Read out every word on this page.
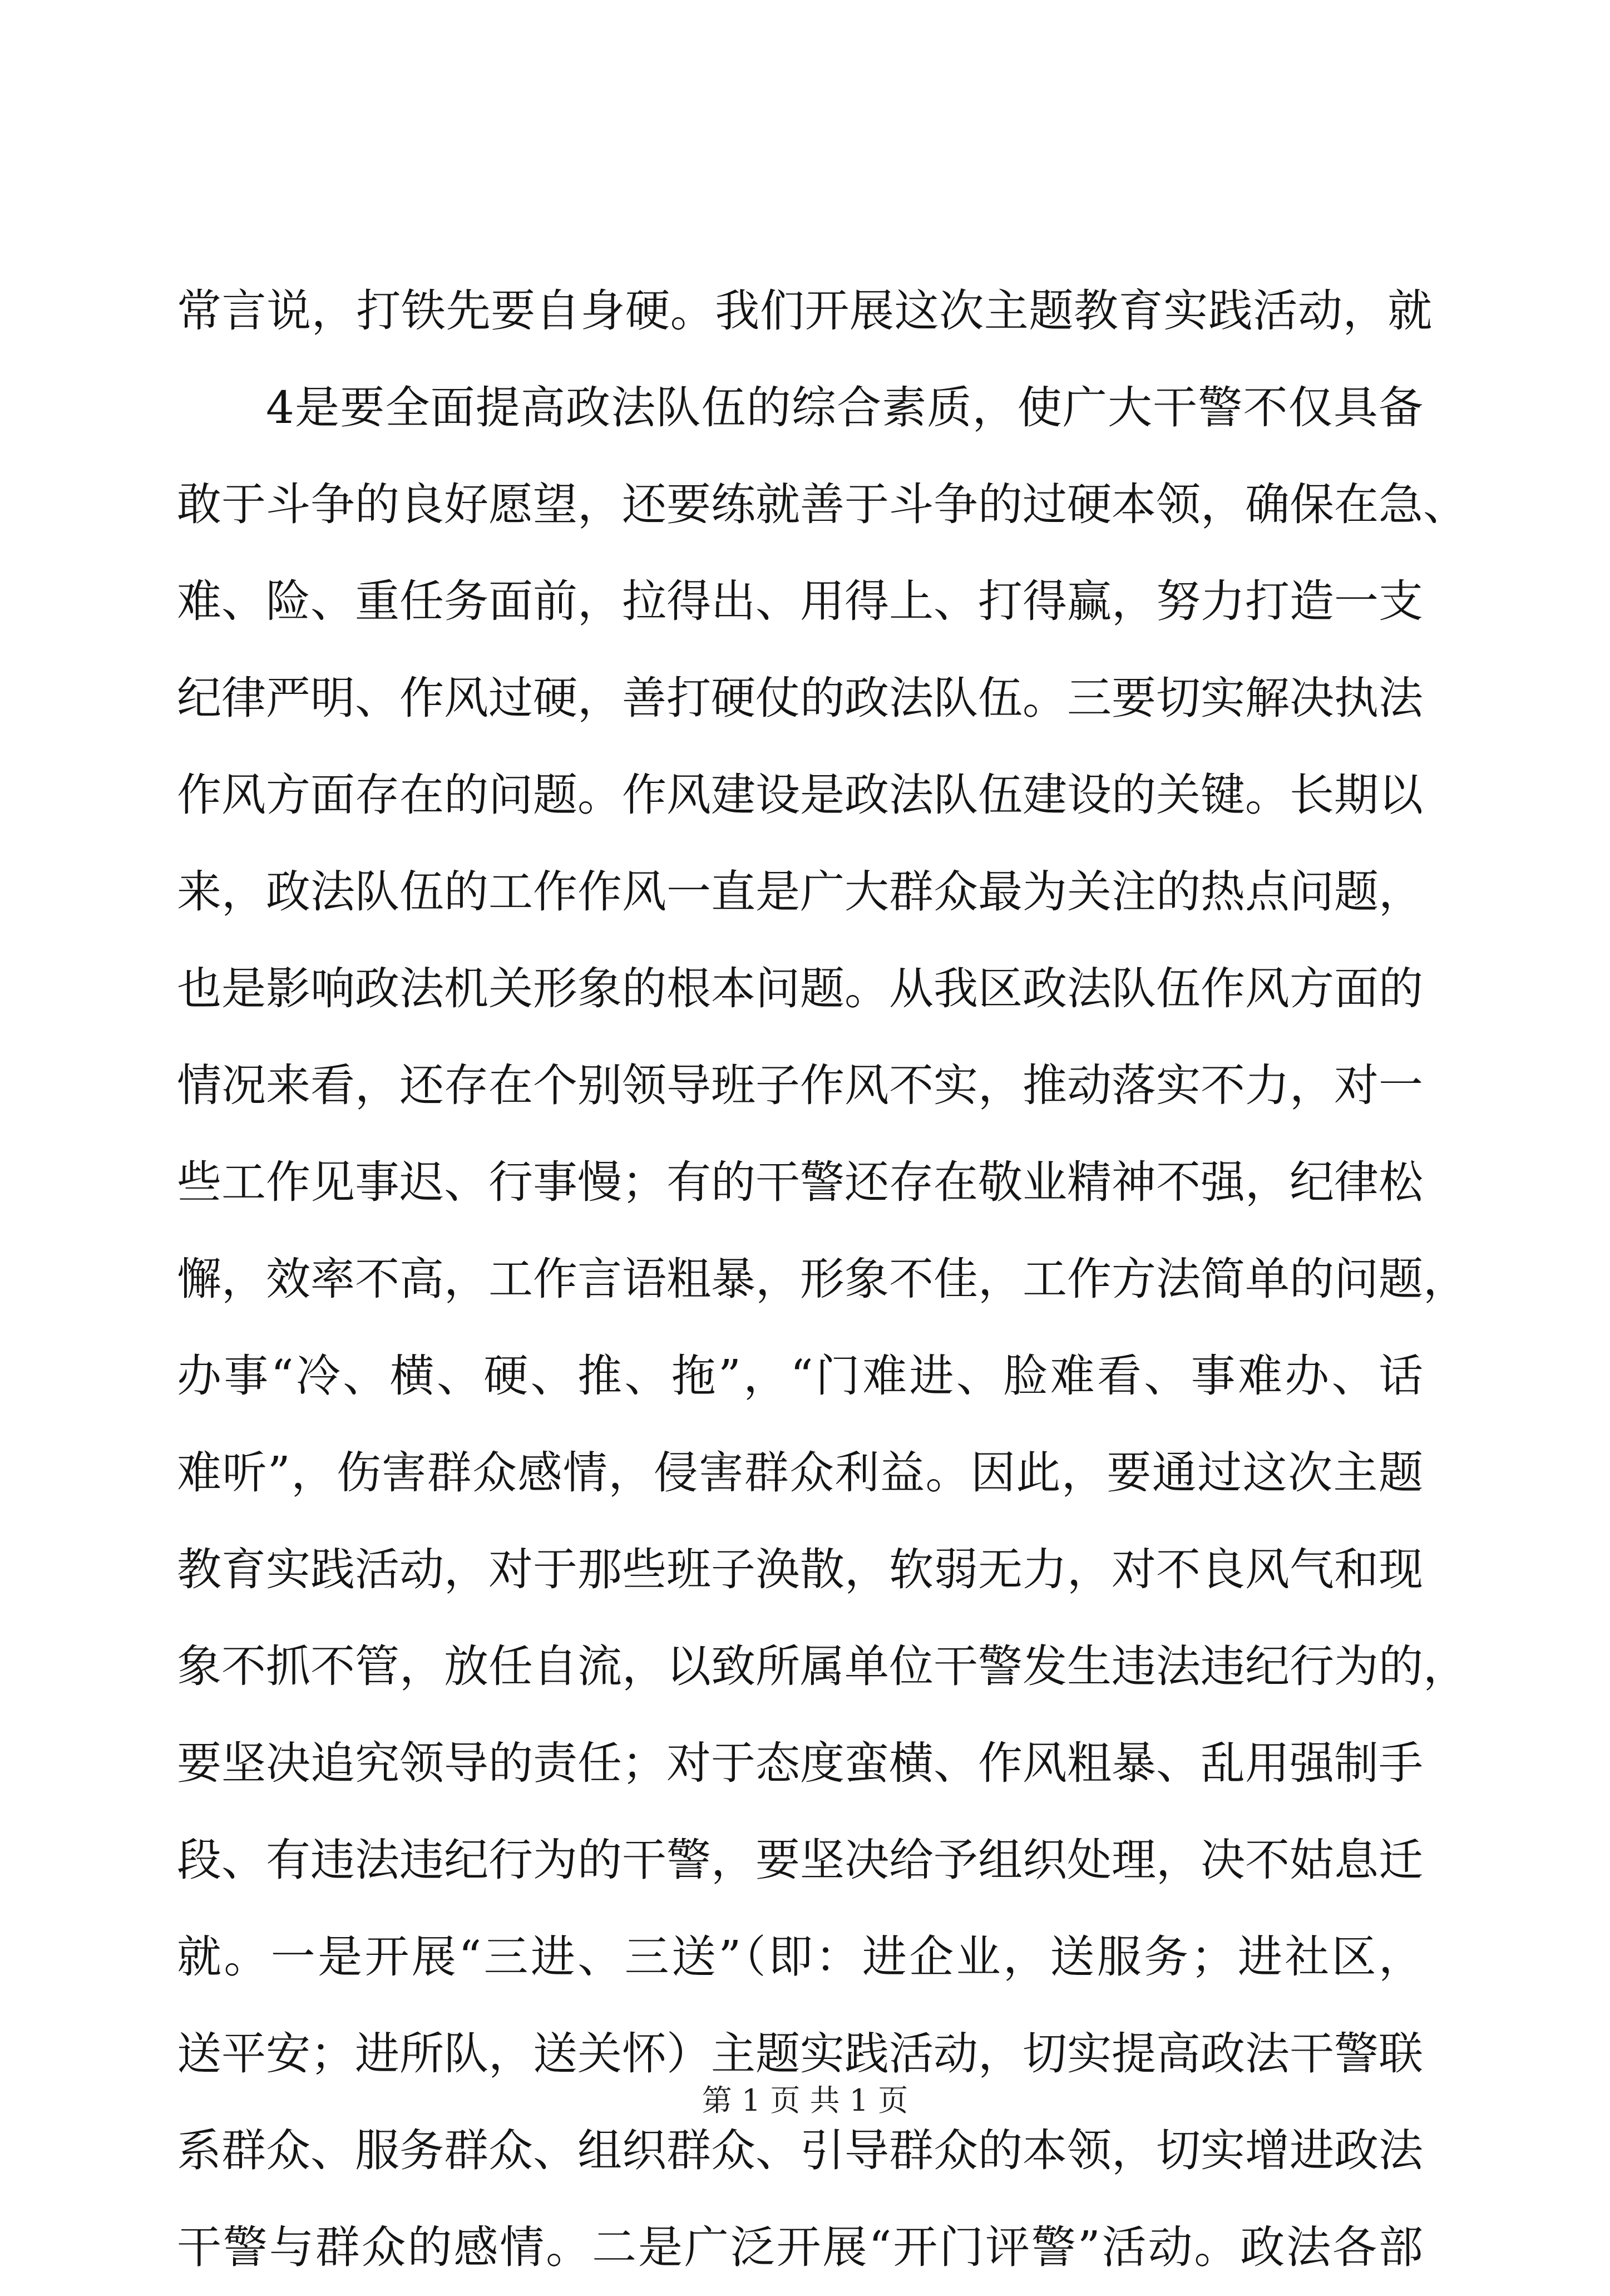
常言说，打铁先要自身硬。我们开展这次主题教育实践活动，就
4是要全面提高政法队伍的综合素质，使广大干警不仅具备
敢于斗争的良好愿望，还要练就善于斗争的过硬本领，确保在急、
难、险、重任务面前，拉得出、用得上、打得赢，努力打造一支
纪律严明、作风过硬，善打硬仗的政法队伍。三要切实解决执法
作风方面存在的问题。作风建设是政法队伍建设的关键。长期以
来，政法队伍的工作作风一直是广大群众最为关注的热点问题，
也是影响政法机关形象的根本问题。从我区政法队伍作风方面的
情况来看，还存在个别领导班子作风不实，推动落实不力，对一
些工作见事迟、行事慢；有的干警还存在敬业精神不强，纪律松
懈，效率不高，工作言语粗暴，形象不佳，工作方法简单的问题，
办事“冷、横、硬、推、拖”，“门难进、脸难看、事难办、话
难听”，伤害群众感情，侵害群众利益。因此，要通过这次主题
教育实践活动，对于那些班子涣散，软弱无力，对不良风气和现
象不抓不管，放任自流，以致所属单位干警发生违法违纪行为的，
要坚决追究领导的责任；对于态度蛮横、作风粗暴、乱用强制手
段、有违法违纪行为的干警，要坚决给予组织处理，决不姑息迁
就。一是开展“三进、三送”（即：进企业，送服务；进社区，
送平安；进所队，送关怀）主题实践活动，切实提高政法干警联
系群众、服务群众、组织群众、引导群众的本领，切实增进政法
干警与群众的感情。二是广泛开展“开门评警”活动。政法各部
第 1 页 共 1 页
